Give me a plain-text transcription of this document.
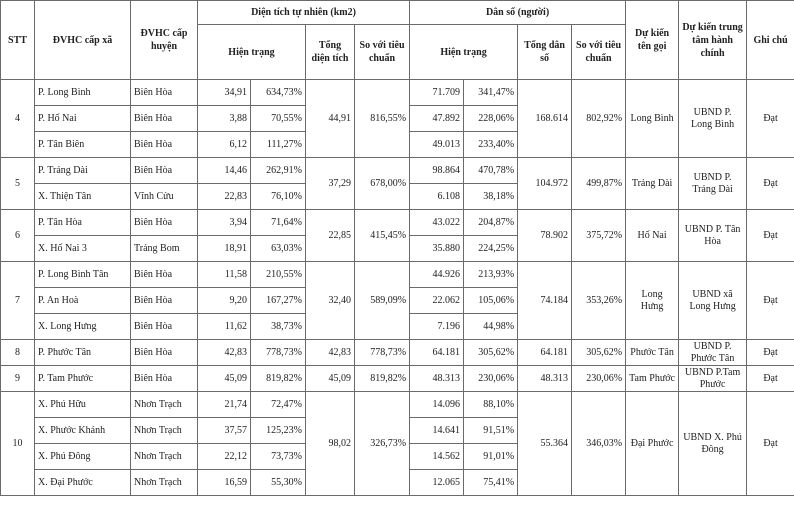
STT	ĐVHC cấp xã	ĐVHC cấp huyện	Diện tích tự nhiên (km2)				Dân số (người)				Dự kiến tên gọi	Dự kiến trung tâm hành chính	Ghi chú
			Hiện trạng		Tổng diện tích	So với tiêu chuẩn	Hiện trạng		Tổng dân số	So với tiêu chuẩn			
4	P. Long Bình	Biên Hòa	34,91	634,73%	44,91	816,55%	71.709	341,47%	168.614	802,92%	Long Bình	UBND P. Long Bình	Đạt
	P. Hố Nai	Biên Hòa	3,88	70,55%			47.892	228,06%					
	P. Tân Biên	Biên Hòa	6,12	111,27%			49.013	233,40%					
5	P. Trảng Dài	Biên Hòa	14,46	262,91%	37,29	678,00%	98.864	470,78%	104.972	499,87%	Trảng Dài	UBND P. Trảng Dài	Đạt
	X. Thiện Tân	Vĩnh Cửu	22,83	76,10%			6.108	38,18%					
6	P. Tân Hòa	Biên Hòa	3,94	71,64%	22,85	415,45%	43.022	204,87%	78.902	375,72%	Hố Nai	UBND P. Tân Hòa	Đạt
	X. Hố Nai 3	Trảng Bom	18,91	63,03%			35.880	224,25%					
7	P. Long Bình Tân	Biên Hòa	11,58	210,55%	32,40	589,09%	44.926	213,93%	74.184	353,26%	Long Hưng	UBND xã Long Hưng	Đạt
	P. An Hoà	Biên Hòa	9,20	167,27%			22.062	105,06%					
	X. Long Hưng	Biên Hòa	11,62	38,73%			7.196	44,98%					
8	P. Phước Tân	Biên Hòa	42,83	778,73%	42,83	778,73%	64.181	305,62%	64.181	305,62%	Phước Tân	UBND P. Phước Tân	Đạt
9	P. Tam Phước	Biên Hòa	45,09	819,82%	45,09	819,82%	48.313	230,06%	48.313	230,06%	Tam Phước	UBND P.Tam Phước	Đạt
10	X. Phú Hữu	Nhơn Trạch	21,74	72,47%	98,02	326,73%	14.096	88,10%	55.364	346,03%	Đại Phước	UBND X. Phú Đông	Đạt
	X. Phước Khánh	Nhơn Trạch	37,57	125,23%			14.641	91,51%					
	X. Phú Đông	Nhơn Trạch	22,12	73,73%			14.562	91,01%					
	X. Đại Phước	Nhơn Trạch	16,59	55,30%			12.065	75,41%					
